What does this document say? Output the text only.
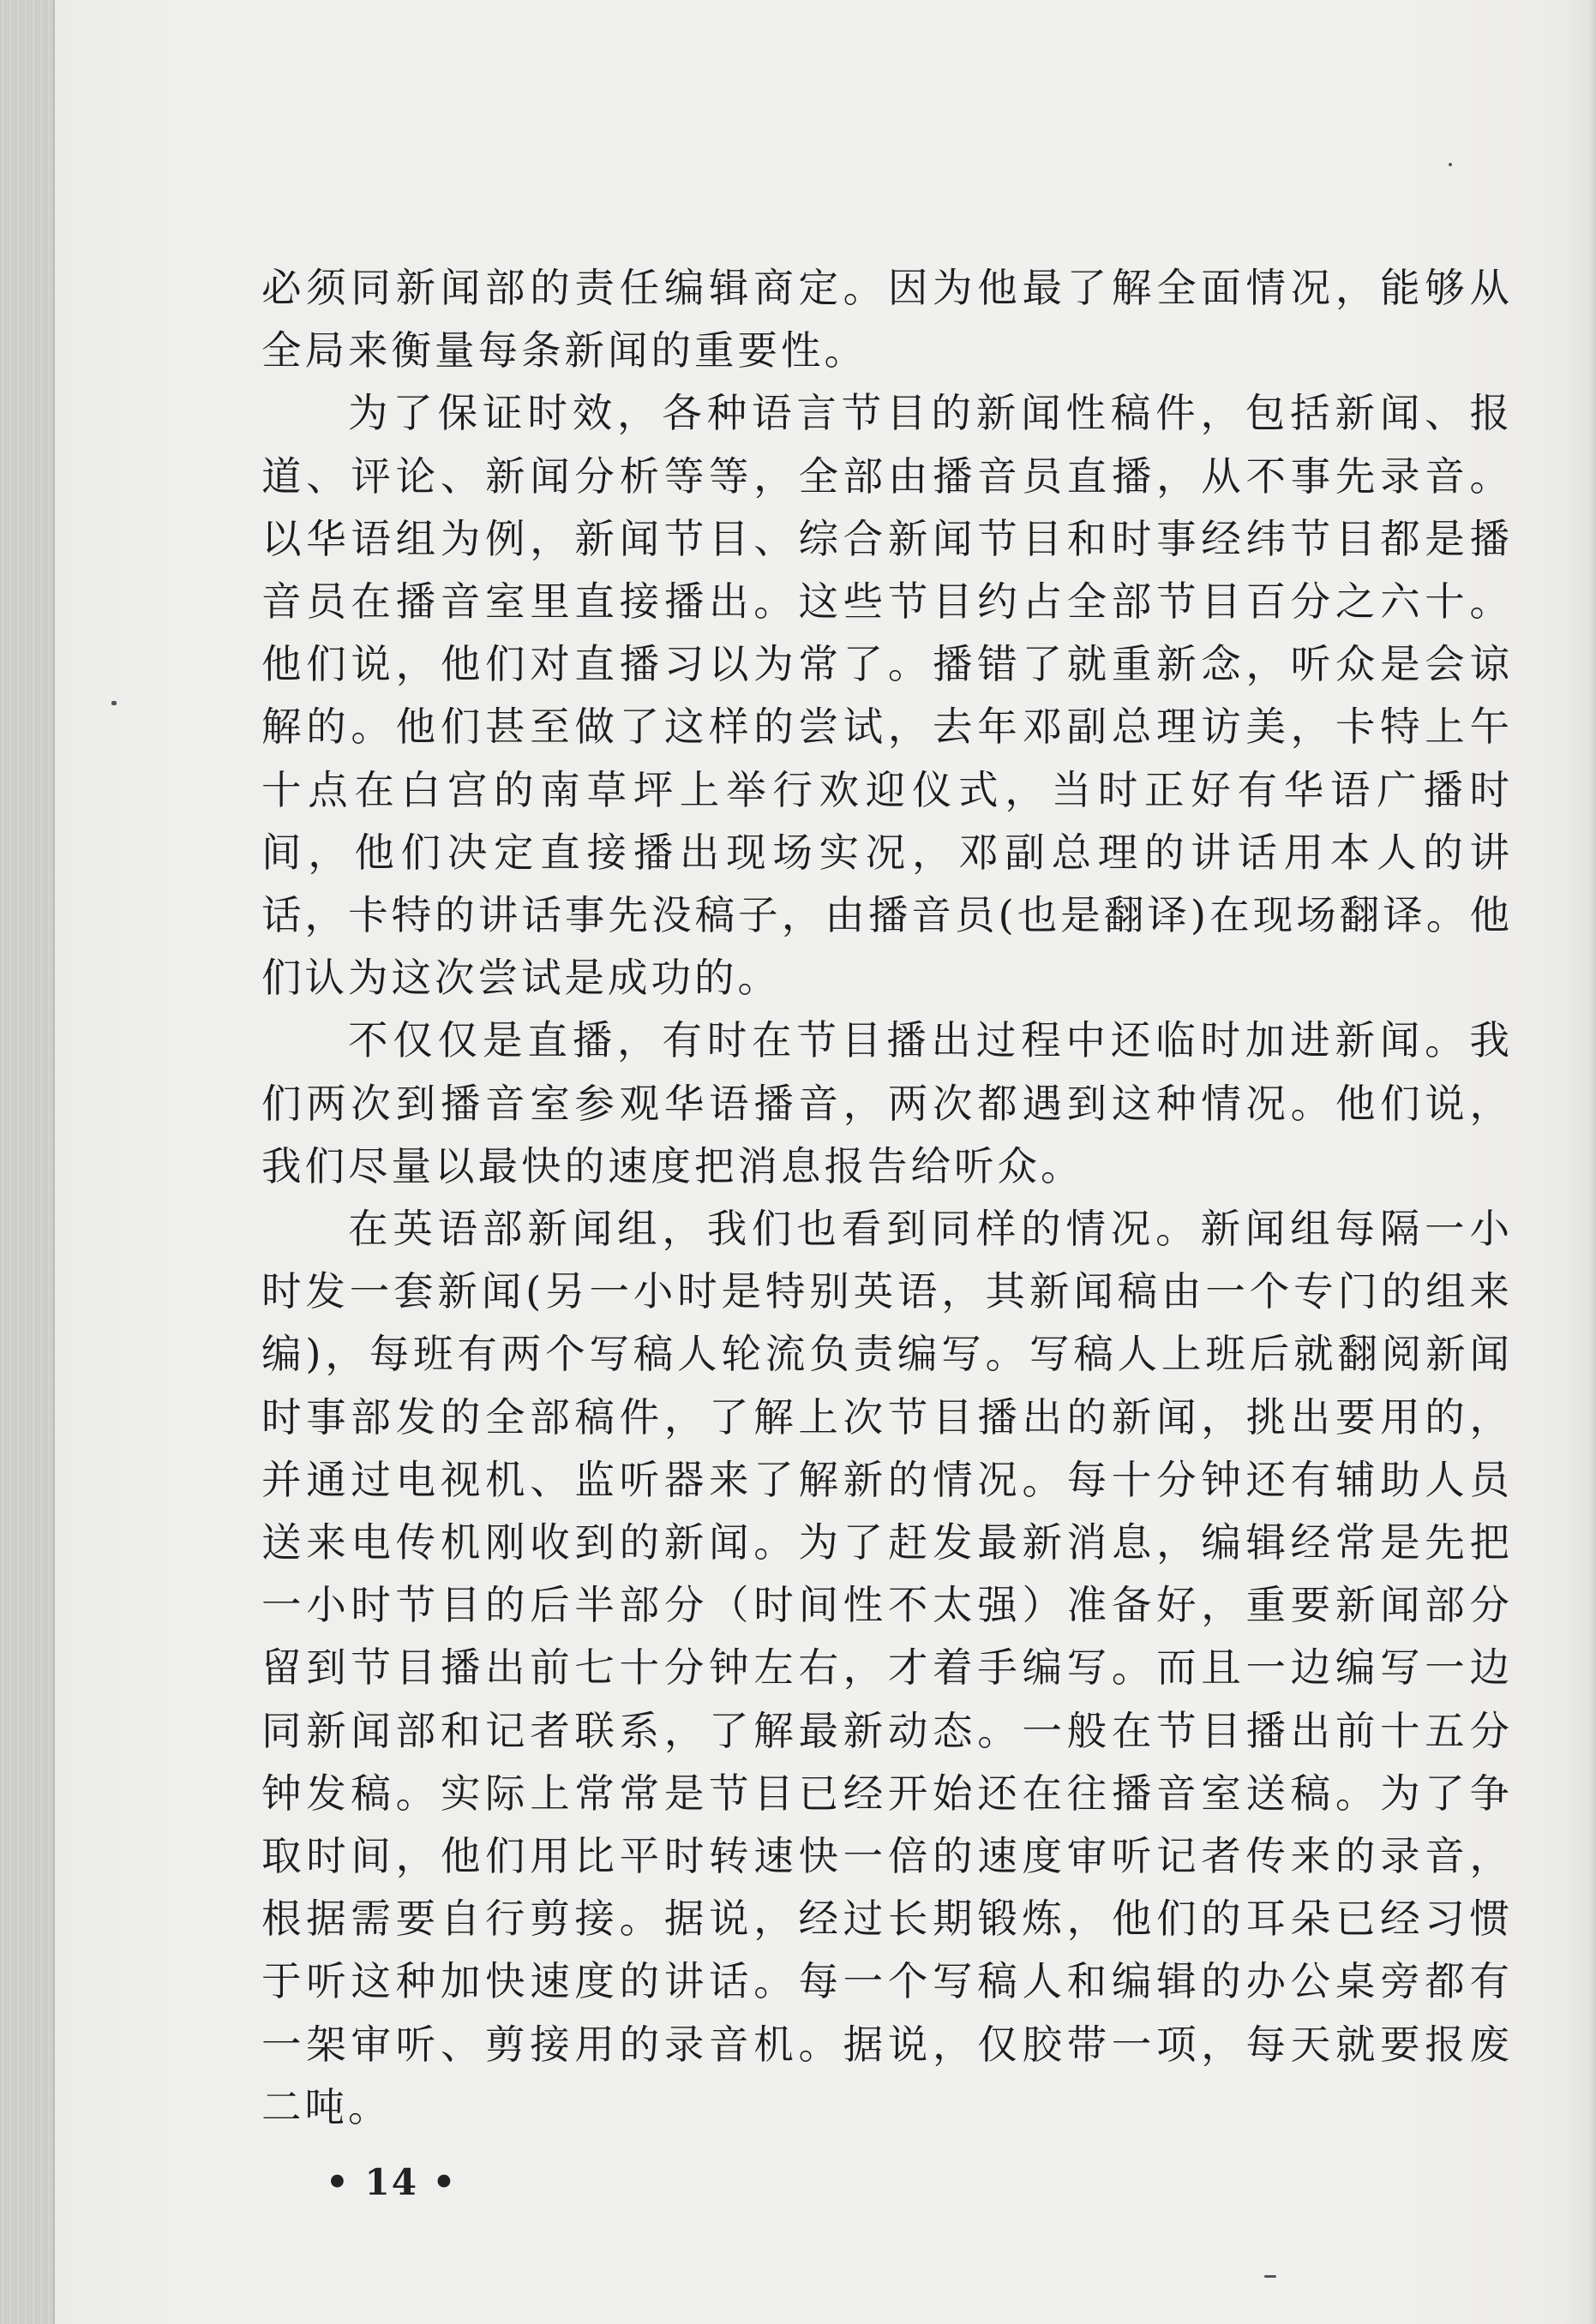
必须同新闻部的责任编辑商定。因为他最了解全面情况，能够从全局来衡量每条新闻的重要性。

为了保证时效，各种语言节目的新闻性稿件，包括新闻、报道、评论、新闻分析等等，全部由播音员直播，从不事先录音。以华语组为例，新闻节目、综合新闻节目和时事经纬节目都是播音员在播音室里直接播出。这些节目约占全部节目百分之六十。他们说，他们对直播习以为常了。播错了就重新念，听众是会谅解的。他们甚至做了这样的尝试，去年邓副总理访美，卡特上午十点在白宫的南草坪上举行欢迎仪式，当时正好有华语广播时间，他们决定直接播出现场实况，邓副总理的讲话用本人的讲话，卡特的讲话事先没稿子，由播音员(也是翻译)在现场翻译。他们认为这次尝试是成功的。

不仅仅是直播，有时在节目播出过程中还临时加进新闻。我们两次到播音室参观华语播音，两次都遇到这种情况。他们说，我们尽量以最快的速度把消息报告给听众。

在英语部新闻组，我们也看到同样的情况。新闻组每隔一小时发一套新闻(另一小时是特别英语，其新闻稿由一个专门的组来编)，每班有两个写稿人轮流负责编写。写稿人上班后就翻阅新闻时事部发的全部稿件，了解上次节目播出的新闻，挑出要用的，并通过电视机、监听器来了解新的情况。每十分钟还有辅助人员送来电传机刚收到的新闻。为了赶发最新消息，编辑经常是先把一小时节目的后半部分（时间性不太强）准备好，重要新闻部分留到节目播出前七十分钟左右，才着手编写。而且一边编写一边同新闻部和记者联系，了解最新动态。一般在节目播出前十五分钟发稿。实际上常常是节目已经开始还在往播音室送稿。为了争取时间，他们用比平时转速快一倍的速度审听记者传来的录音，根据需要自行剪接。据说，经过长期锻炼，他们的耳朵已经习惯于听这种加快速度的讲话。每一个写稿人和编辑的办公桌旁都有一架审听、剪接用的录音机。据说，仅胶带一项，每天就要报废二吨。

• 14 •
